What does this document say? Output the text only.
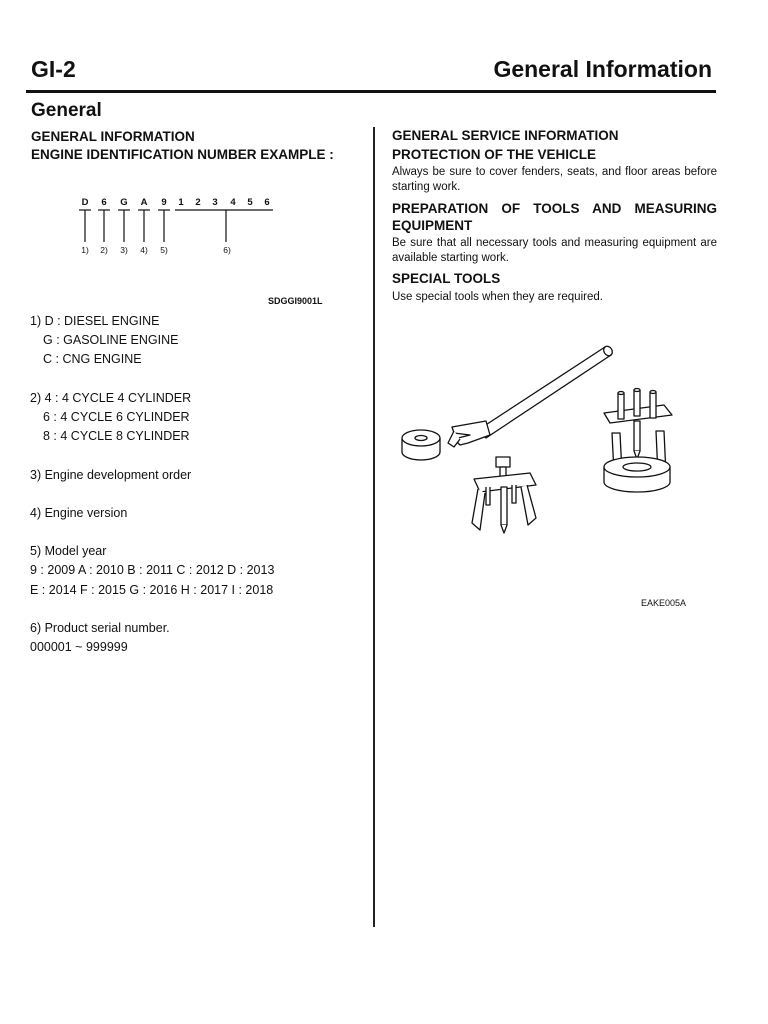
GI-2	General Information
General
GENERAL INFORMATION
ENGINE IDENTIFICATION NUMBER EXAMPLE :
D 6 G A 9 1 2 3 4 5 6
1) 2) 3) 4) 5)	6)
SDGGI9001L
1) D : DIESEL ENGINE
G : GASOLINE ENGINE
C : CNG ENGINE
2) 4 : 4 CYCLE 4 CYLINDER
6 : 4 CYCLE 6 CYLINDER
8 : 4 CYCLE 8 CYLINDER
3) Engine development order
4) Engine version
5) Model year
9 : 2009 A : 2010 B : 2011 C : 2012 D : 2013
E : 2014 F : 2015 G : 2016 H : 2017 I : 2018
6) Product serial number.
000001 ~ 999999
GENERAL SERVICE INFORMATION
PROTECTION OF THE VEHICLE
Always be sure to cover fenders, seats, and floor areas before starting work.
PREPARATION OF TOOLS AND MEASURING EQUIPMENT
Be sure that all necessary tools and measuring equipment are available starting work.
SPECIAL TOOLS
Use special tools when they are required.
EAKE005A
